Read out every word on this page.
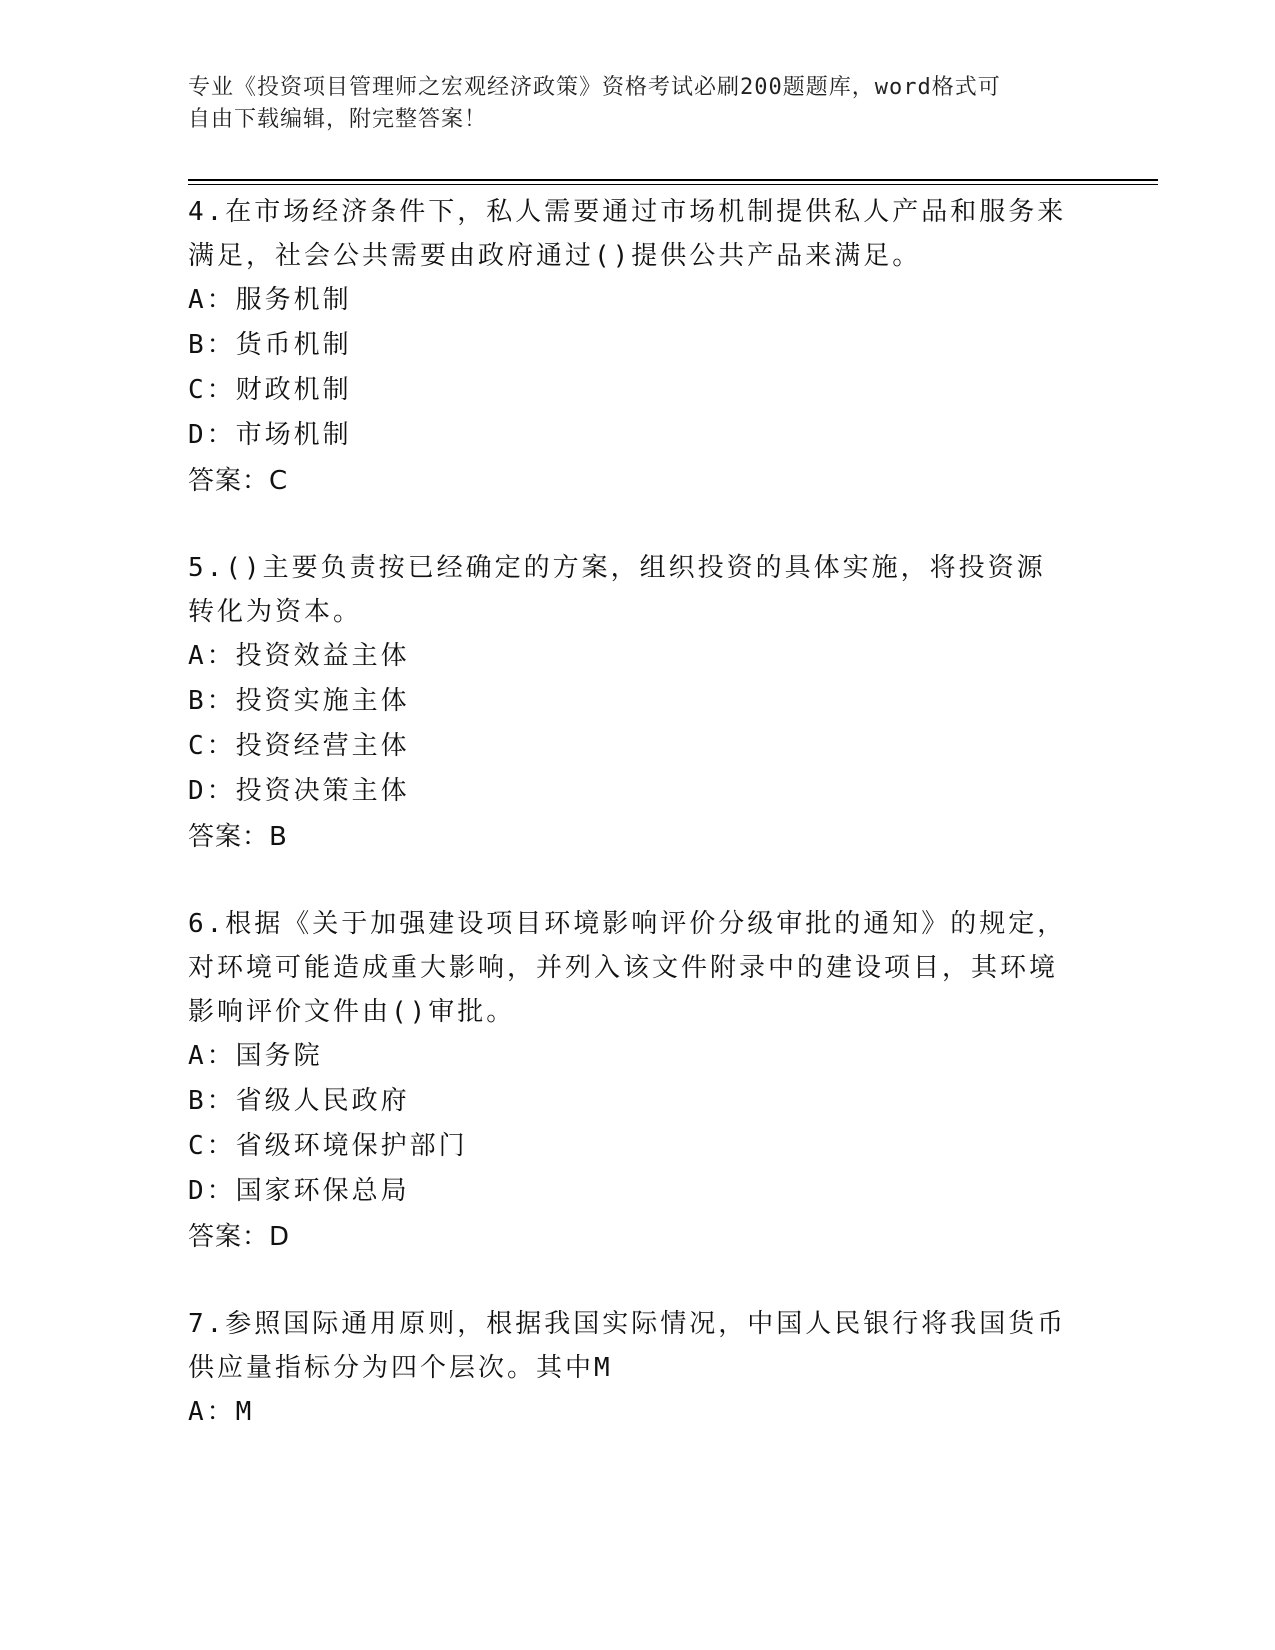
专业《投资项目管理师之宏观经济政策》资格考试必刷200题题库，word格式可
自由下载编辑，附完整答案！
4.在市场经济条件下，私人需要通过市场机制提供私人产品和服务来满足，社会公共需要由政府通过()提供公共产品来满足。
A：服务机制
B：货币机制
C：财政机制
D：市场机制
答案：C
5.()主要负责按已经确定的方案，组织投资的具体实施，将投资源转化为资本。
A：投资效益主体
B：投资实施主体
C：投资经营主体
D：投资决策主体
答案：B
6.根据《关于加强建设项目环境影响评价分级审批的通知》的规定，对环境可能造成重大影响，并列入该文件附录中的建设项目，其环境影响评价文件由()审批。
A：国务院
B：省级人民政府
C：省级环境保护部门
D：国家环保总局
答案：D
7.参照国际通用原则，根据我国实际情况，中国人民银行将我国货币供应量指标分为四个层次。其中M
A：M
